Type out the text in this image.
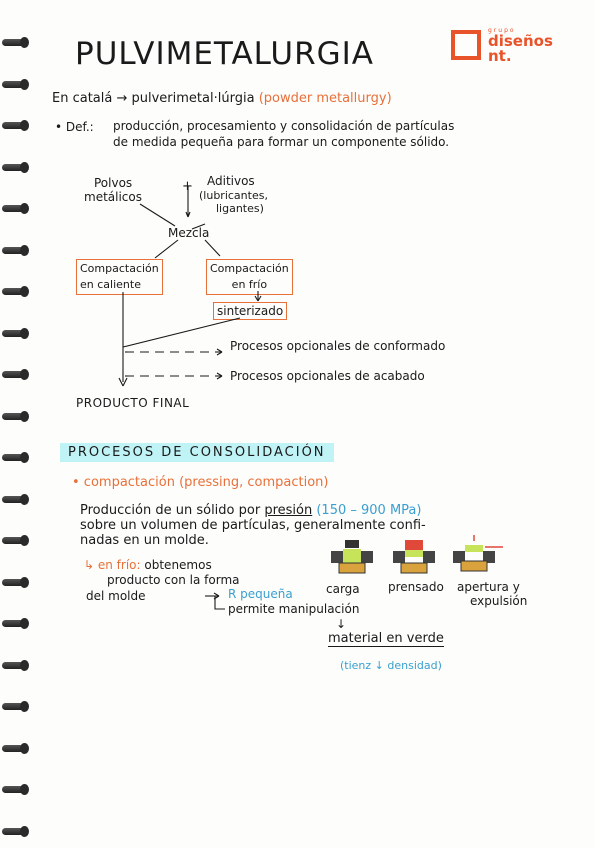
PULVIMETALURGIA
grupo
diseños
nt.
En catalá → pulverimetal·lúrgia (powder metallurgy)
• Def.: producción, procesamiento y consolidación de partículas
de medida pequeña para formar un componente sólido.
Polvos
metálicos
+ Aditivos
(lubricantes,
ligantes)
Mezcla
Compactación
en caliente
Compactación
en frío
sinterizado
Procesos opcionales de conformado
Procesos opcionales de acabado
PRODUCTO FINAL
PROCESOS DE CONSOLIDACIÓN
• compactación (pressing, compaction)
Producción de un sólido por presión (150 – 900 MPa)
sobre un volumen de partículas, generalmente confi-
nadas en un molde.
↳ en frío: obtenemos
producto con la forma
del molde	R pequeña
permite manipulación
↓
material en verde
(tienz ↓ densidad)
carga prensado apertura y
expulsión
